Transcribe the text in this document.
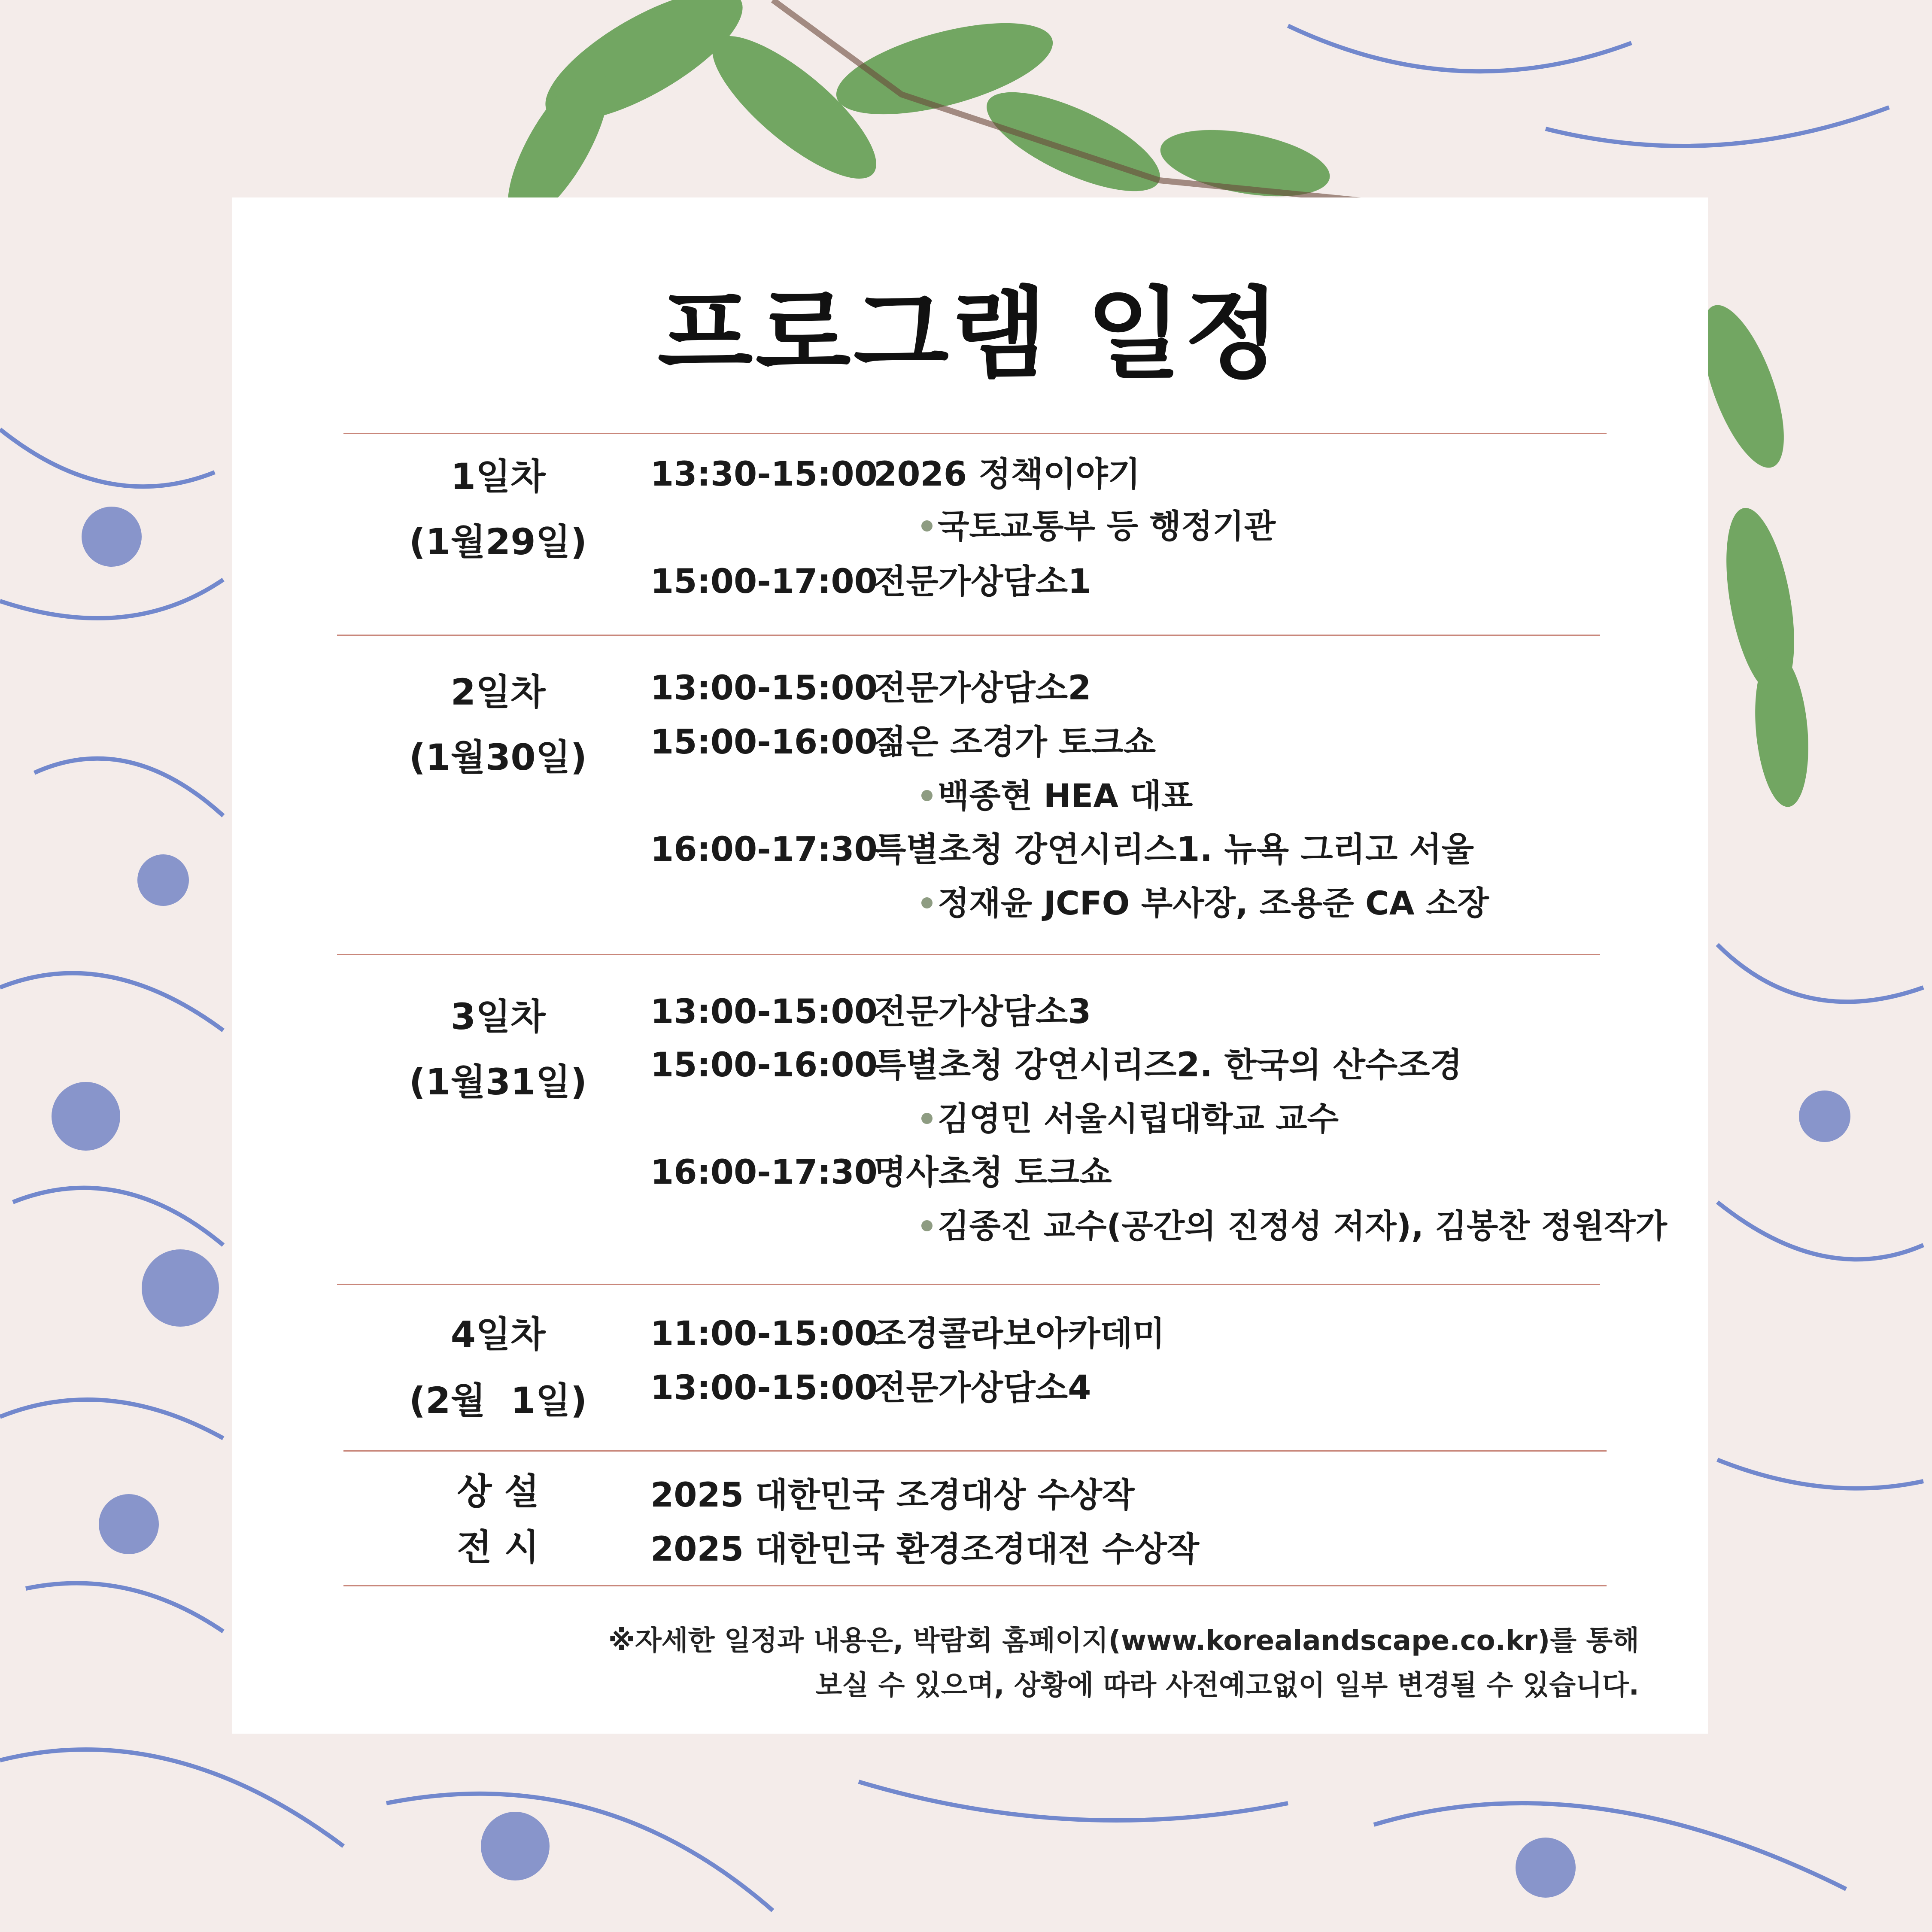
프로그램 일정
1일차
(1월29일)
13:30-15:002026 정책이야기
국토교통부 등 행정기관
15:00-17:00전문가상담소1
2일차
(1월30일)
13:00-15:00전문가상담소2
15:00-16:00젊은 조경가 토크쇼
백종현 HEA 대표
16:00-17:30특별초청 강연시리스1. 뉴욕 그리고 서울
정재윤 JCFO 부사장, 조용준 CA 소장
3일차
(1월31일)
13:00-15:00전문가상담소3
15:00-16:00특별초청 강연시리즈2. 한국의 산수조경
김영민 서울시립대학교 교수
16:00-17:30명사초청 토크쇼
김종진 교수(공간의 진정성 저자), 김봉찬 정원작가
4일차
(2월  1일)
11:00-15:00조경콜라보아카데미
13:00-15:00전문가상담소4
상 설
전 시
2025 대한민국 조경대상 수상작
2025 대한민국 환경조경대전 수상작
※자세한 일정과 내용은, 박람회 홈페이지(www.korealandscape.co.kr)를 통해
보실 수 있으며, 상황에 따라 사전예고없이 일부 변경될 수 있습니다.
